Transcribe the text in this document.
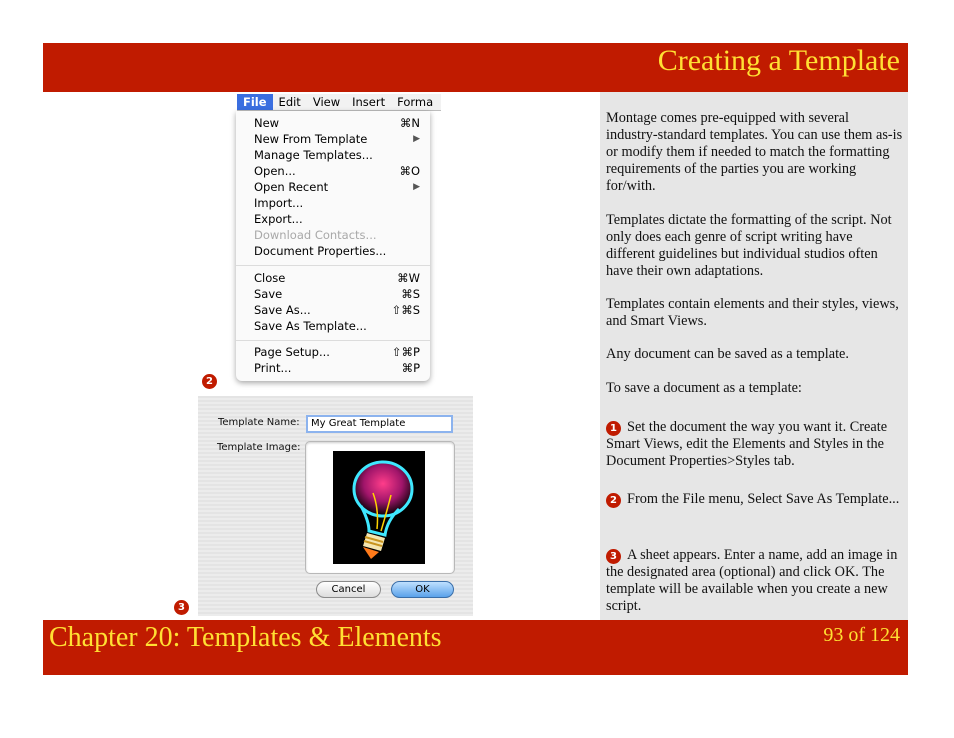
Creating a Template
File Edit View Insert Forma
New	⌘N
New From Template	▶
Manage Templates...
Open...	⌘O
Open Recent	▶
Import...
Export...
Download Contacts...
Document Properties...
Close	⌘W
Save	⌘S
Save As...	⇧⌘S
Save As Template...
Page Setup...	⇧⌘P
Print...	⌘P
2
Template Name:	My Great Template
Template Image:
Cancel	OK
3
Montage comes pre-equipped with several industry-standard templates. You can use them as-is or modify them if needed to match the formatting requirements of the parties you are working for/with.
Templates dictate the formatting of the script. Not only does each genre of script writing have different guidelines but individual studios often have their own adaptations.
Templates contain elements and their styles, views, and Smart Views.
Any document can be saved as a template.
To save a document as a template:
1 Set the document the way you want it. Create Smart Views, edit the Elements and Styles in the Document Properties>Styles tab.
2 From the File menu, Select Save As Template...
3 A sheet appears. Enter a name, add an image in the designated area (optional) and click OK. The template will be available when you create a new script.
Chapter 20: Templates & Elements	93 of 124
